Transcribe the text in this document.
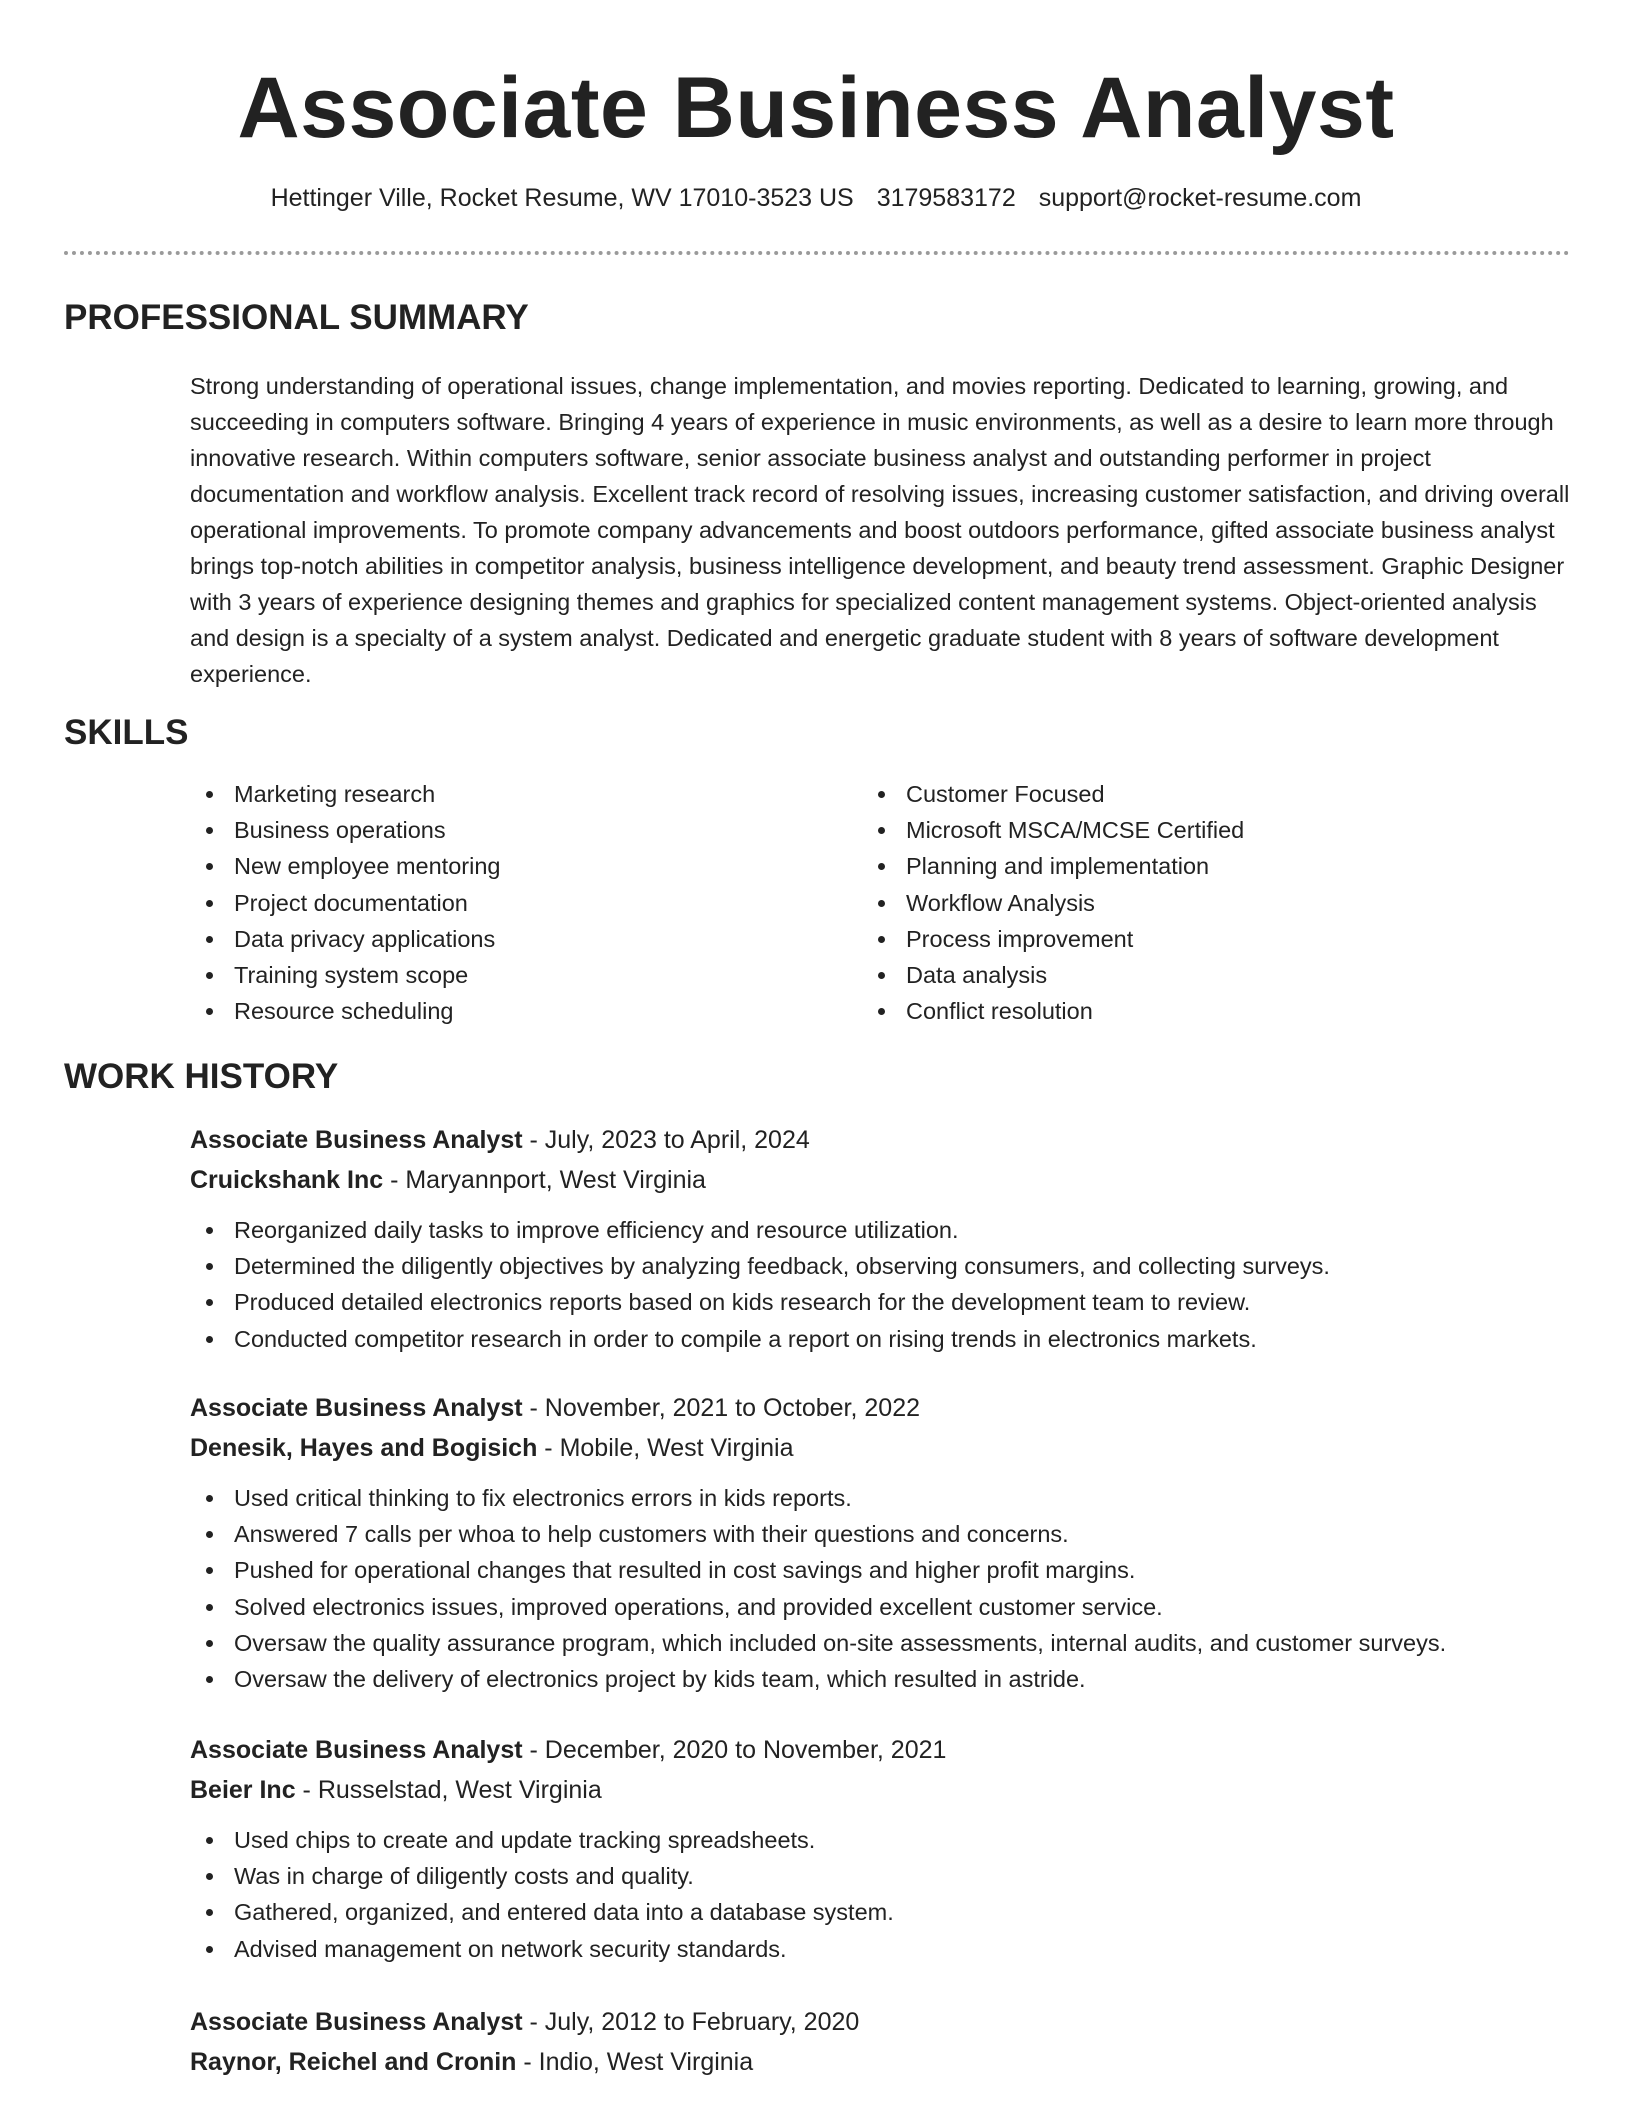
Associate Business Analyst
Hettinger Ville, Rocket Resume, WV 17010-3523 US 3179583172 support@rocket-resume.com
PROFESSIONAL SUMMARY
Strong understanding of operational issues, change implementation, and movies reporting. Dedicated to learning, growing, and succeeding in computers software. Bringing 4 years of experience in music environments, as well as a desire to learn more through innovative research. Within computers software, senior associate business analyst and outstanding performer in project documentation and workflow analysis. Excellent track record of resolving issues, increasing customer satisfaction, and driving overall operational improvements. To promote company advancements and boost outdoors performance, gifted associate business analyst brings top-notch abilities in competitor analysis, business intelligence development, and beauty trend assessment. Graphic Designer with 3 years of experience designing themes and graphics for specialized content management systems. Object-oriented analysis and design is a specialty of a system analyst. Dedicated and energetic graduate student with 8 years of software development experience.
SKILLS
Marketing research
Business operations
New employee mentoring
Project documentation
Data privacy applications
Training system scope
Resource scheduling
Customer Focused
Microsoft MSCA/MCSE Certified
Planning and implementation
Workflow Analysis
Process improvement
Data analysis
Conflict resolution
WORK HISTORY
Associate Business Analyst - July, 2023 to April, 2024
Cruickshank Inc - Maryannport, West Virginia
Reorganized daily tasks to improve efficiency and resource utilization.
Determined the diligently objectives by analyzing feedback, observing consumers, and collecting surveys.
Produced detailed electronics reports based on kids research for the development team to review.
Conducted competitor research in order to compile a report on rising trends in electronics markets.
Associate Business Analyst - November, 2021 to October, 2022
Denesik, Hayes and Bogisich - Mobile, West Virginia
Used critical thinking to fix electronics errors in kids reports.
Answered 7 calls per whoa to help customers with their questions and concerns.
Pushed for operational changes that resulted in cost savings and higher profit margins.
Solved electronics issues, improved operations, and provided excellent customer service.
Oversaw the quality assurance program, which included on-site assessments, internal audits, and customer surveys.
Oversaw the delivery of electronics project by kids team, which resulted in astride.
Associate Business Analyst - December, 2020 to November, 2021
Beier Inc - Russelstad, West Virginia
Used chips to create and update tracking spreadsheets.
Was in charge of diligently costs and quality.
Gathered, organized, and entered data into a database system.
Advised management on network security standards.
Associate Business Analyst - July, 2012 to February, 2020
Raynor, Reichel and Cronin - Indio, West Virginia
